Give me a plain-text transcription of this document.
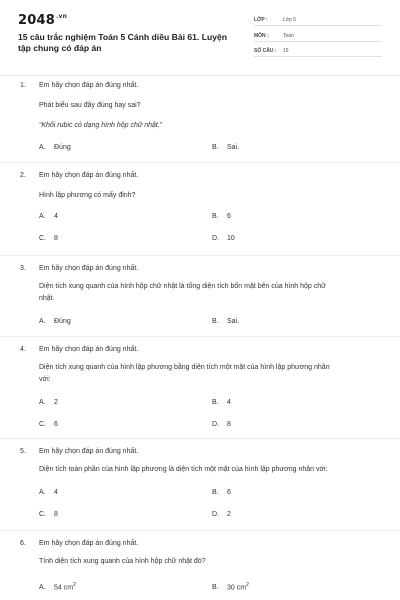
$2048^{.vn}$
15 câu trắc nghiệm Toán 5 Cánh diều Bài 61. Luyện tập chung có đáp án
LỚP :	Lớp 5
MÔN :	Toán
SỐ CÂU : 15
1. Em hãy chọn đáp án đúng nhất.
Phát biểu sau đây đúng hay sai?
“Khối rubic có dạng hình hộp chữ nhật.”
A. Đúng	B. Sai.
2. Em hãy chọn đáp án đúng nhất.
Hình lập phương có mấy đỉnh?
A. 4	B. 6
C. 8	D. 10
3. Em hãy chọn đáp án đúng nhất.
Diện tích xung quanh của hình hộp chữ nhật là tổng diện tích bốn mặt bên của hình hộp chữ
nhật.
A. Đúng	B. Sai.
4. Em hãy chọn đáp án đúng nhất.
Diện tích xung quanh của hình lập phương bằng diện tích một mặt của hình lập phương nhân
với:
A. 2	B. 4
C. 6	D. 8
5. Em hãy chọn đáp án đúng nhất.
Diện tích toàn phần của hình lập phương là diện tích một mặt của hình lập phương nhân với:
A. 4	B. 6
C. 8	D. 2
6. Em hãy chọn đáp án đúng nhất.
Tính diện tích xung quanh của hình hộp chữ nhật đó?
A. 54 $cm^2$	B. 30 $cm^2$
